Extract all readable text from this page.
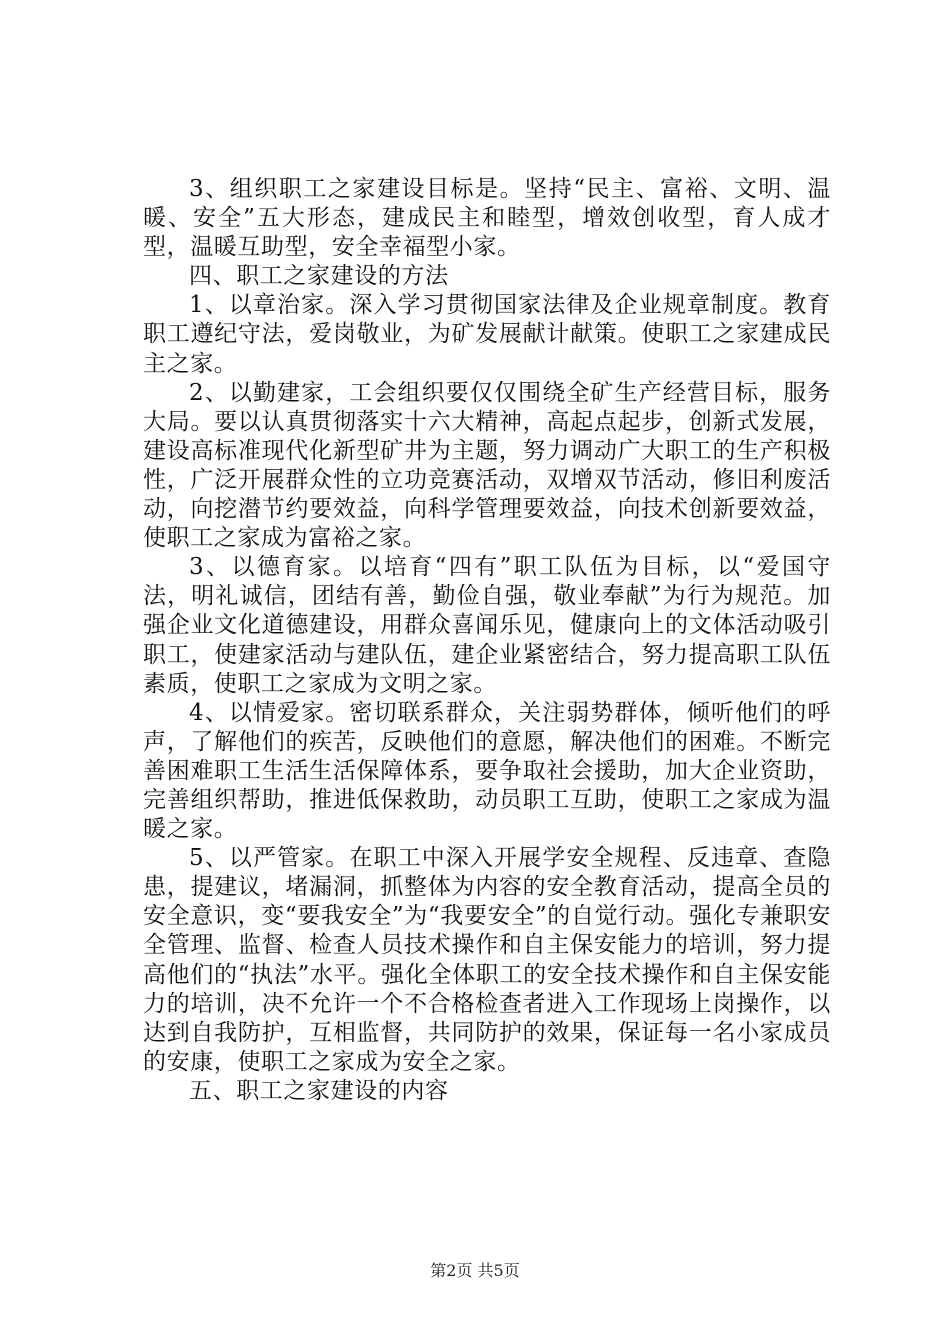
3、组织职工之家建设目标是。坚持“民主、富裕、文明、温暖、安全”五大形态，建成民主和睦型，增效创收型，育人成才型，温暖互助型，安全幸福型小家。

四、职工之家建设的方法

1、以章治家。深入学习贯彻国家法律及企业规章制度。教育职工遵纪守法，爱岗敬业，为矿发展献计献策。使职工之家建成民主之家。

2、以勤建家，工会组织要仅仅围绕全矿生产经营目标，服务大局。要以认真贯彻落实十六大精神，高起点起步，创新式发展，建设高标准现代化新型矿井为主题，努力调动广大职工的生产积极性，广泛开展群众性的立功竞赛活动，双增双节活动，修旧利废活动，向挖潜节约要效益，向科学管理要效益，向技术创新要效益，使职工之家成为富裕之家。

3、以德育家。以培育“四有”职工队伍为目标，以“爱国守法，明礼诚信，团结有善，勤俭自强，敬业奉献”为行为规范。加强企业文化道德建设，用群众喜闻乐见，健康向上的文体活动吸引职工，使建家活动与建队伍，建企业紧密结合，努力提高职工队伍素质，使职工之家成为文明之家。

4、以情爱家。密切联系群众，关注弱势群体，倾听他们的呼声，了解他们的疾苦，反映他们的意愿，解决他们的困难。不断完善困难职工生活生活保障体系，要争取社会援助，加大企业资助，完善组织帮助，推进低保救助，动员职工互助，使职工之家成为温暖之家。

5、以严管家。在职工中深入开展学安全规程、反违章、查隐患，提建议，堵漏洞，抓整体为内容的安全教育活动，提高全员的安全意识，变“要我安全”为“我要安全”的自觉行动。强化专兼职安全管理、监督、检查人员技术操作和自主保安能力的培训，努力提高他们的“执法”水平。强化全体职工的安全技术操作和自主保安能力的培训，决不允许一个不合格检查者进入工作现场上岗操作，以达到自我防护，互相监督，共同防护的效果，保证每一名小家成员的安康，使职工之家成为安全之家。

五、职工之家建设的内容

第2页 共5页
